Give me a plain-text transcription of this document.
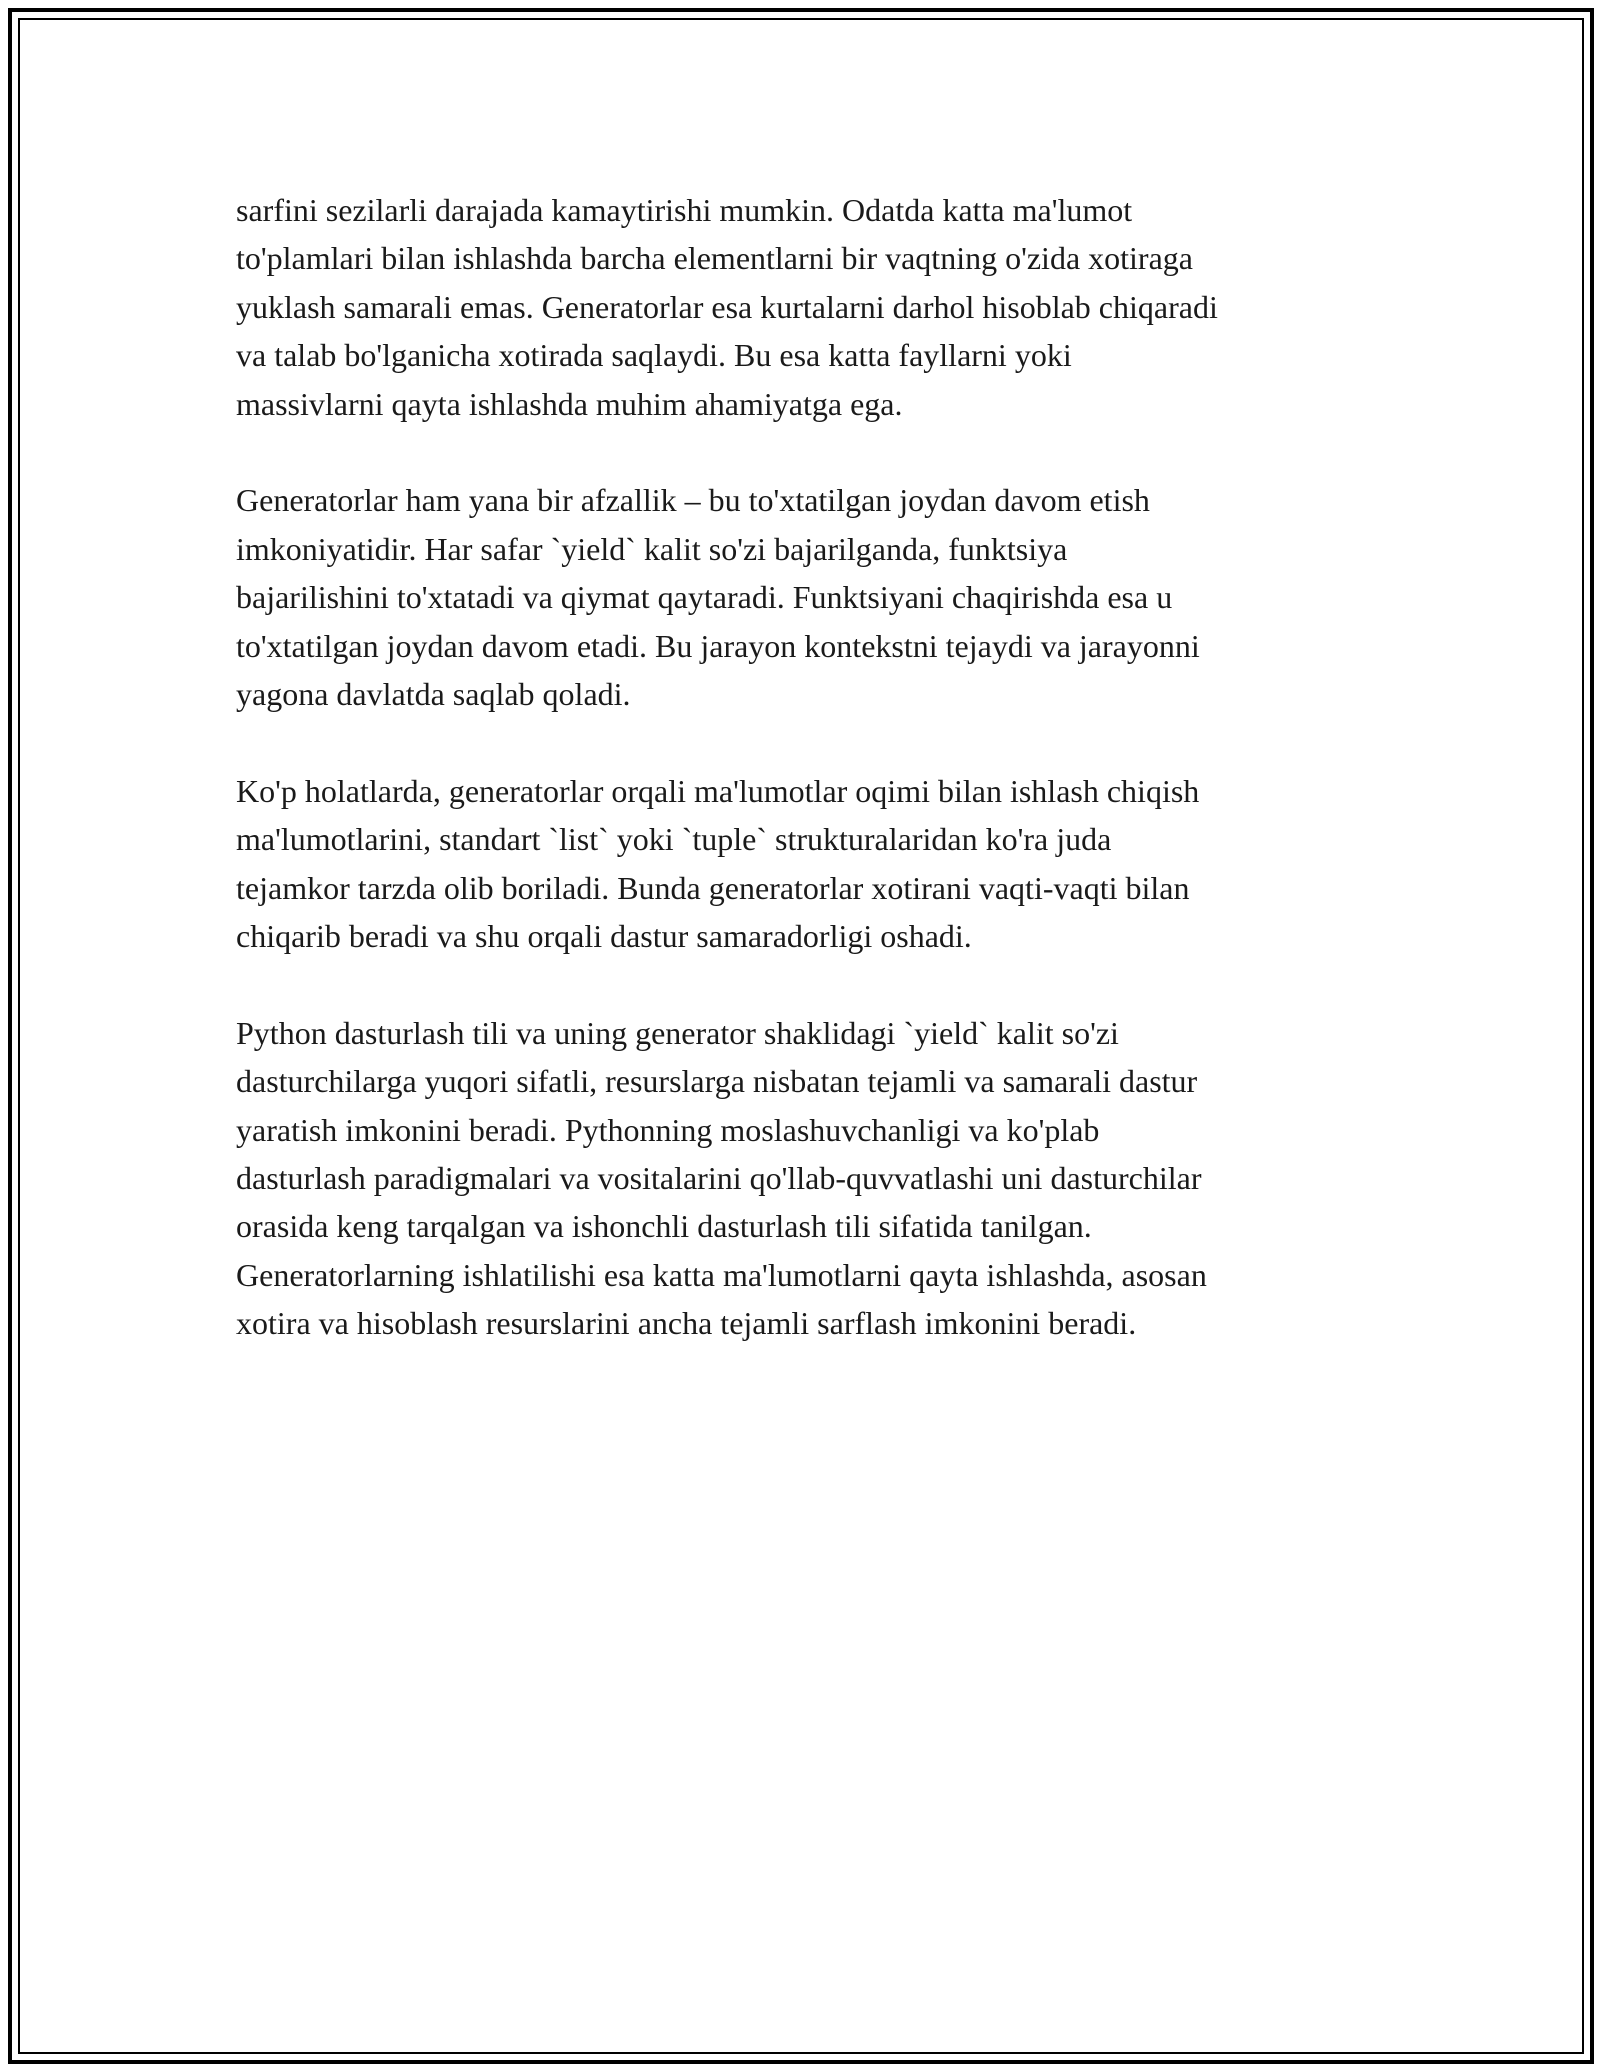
sarfini sezilarli darajada kamaytirishi mumkin. Odatda katta ma'lumot
to'plamlari bilan ishlashda barcha elementlarni bir vaqtning o'zida xotiraga
yuklash samarali emas. Generatorlar esa kurtalarni darhol hisoblab chiqaradi
va talab bo'lganicha xotirada saqlaydi. Bu esa katta fayllarni yoki
massivlarni qayta ishlashda muhim ahamiyatga ega.

Generatorlar ham yana bir afzallik – bu to'xtatilgan joydan davom etish
imkoniyatidir. Har safar `yield` kalit so'zi bajarilganda, funktsiya
bajarilishini to'xtatadi va qiymat qaytaradi. Funktsiyani chaqirishda esa u
to'xtatilgan joydan davom etadi. Bu jarayon kontekstni tejaydi va jarayonni
yagona davlatda saqlab qoladi.

Ko'p holatlarda, generatorlar orqali ma'lumotlar oqimi bilan ishlash chiqish
ma'lumotlarini, standart `list` yoki `tuple` strukturalaridan ko'ra juda
tejamkor tarzda olib boriladi. Bunda generatorlar xotirani vaqti-vaqti bilan
chiqarib beradi va shu orqali dastur samaradorligi oshadi.

Python dasturlash tili va uning generator shaklidagi `yield` kalit so'zi
dasturchilarga yuqori sifatli, resurslarga nisbatan tejamli va samarali dastur
yaratish imkonini beradi. Pythonning moslashuvchanligi va ko'plab
dasturlash paradigmalari va vositalarini qo'llab-quvvatlashi uni dasturchilar
orasida keng tarqalgan va ishonchli dasturlash tili sifatida tanilgan.
Generatorlarning ishlatilishi esa katta ma'lumotlarni qayta ishlashda, asosan
xotira va hisoblash resurslarini ancha tejamli sarflash imkonini beradi.
